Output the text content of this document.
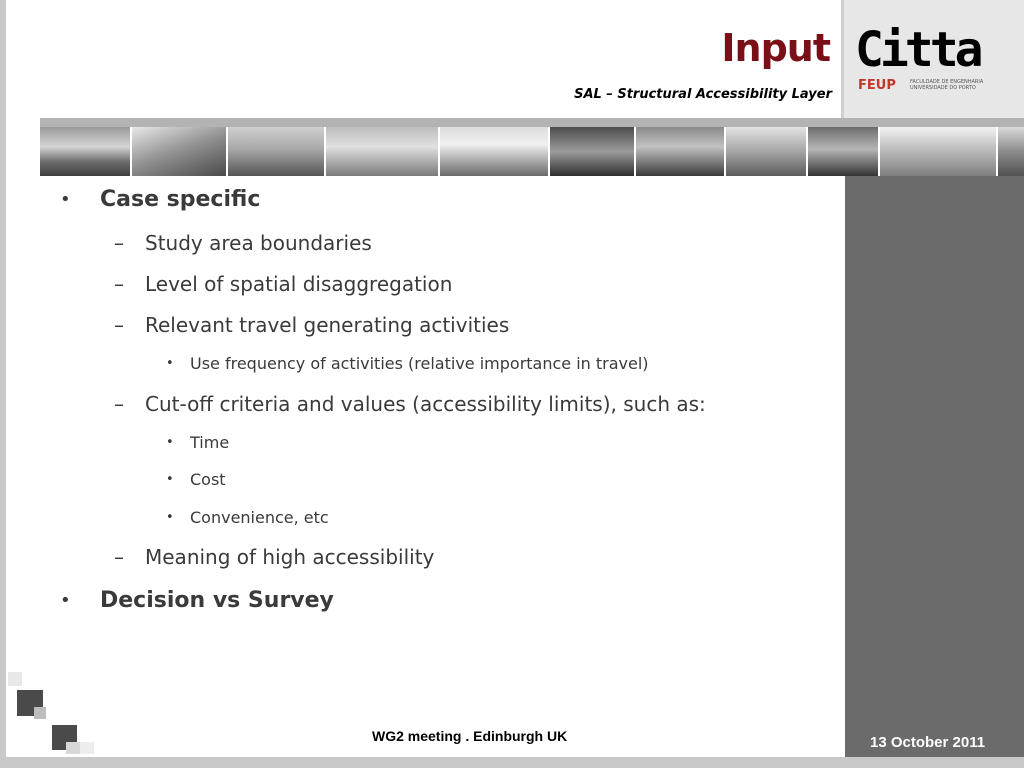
Input

SAL – Structural Accessibility Layer

Citta
FEUP	FACULDADE DE ENGENHARIA
UNIVERSIDADE DO PORTO
• Case specific
– Study area boundaries
– Level of spatial disaggregation
– Relevant travel generating activities
• Use frequency of activities (relative importance in travel)
– Cut-off criteria and values (accessibility limits), such as:
• Time
• Cost
• Convenience, etc
– Meaning of high accessibility
• Decision vs Survey
WG2 meeting . Edinburgh UK	13 October 2011
